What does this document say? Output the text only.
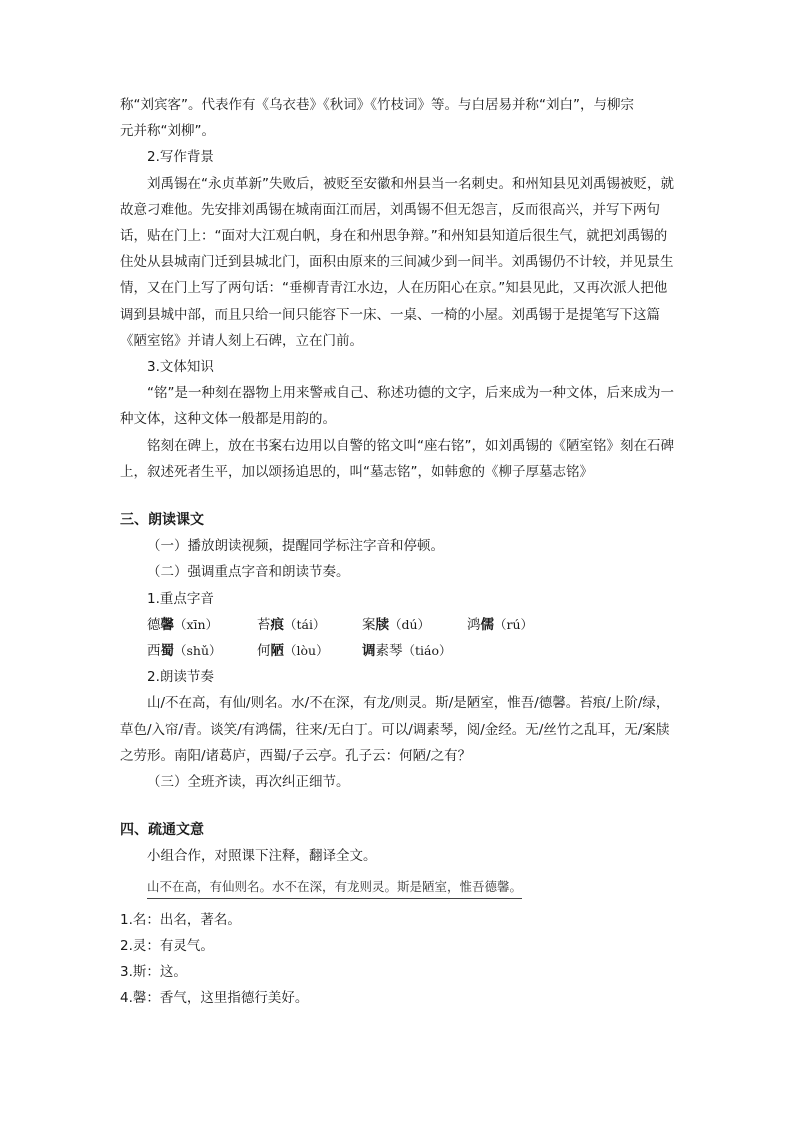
称“刘宾客”。代表作有《乌衣巷》《秋词》《竹枝词》等。与白居易并称“刘白”，与柳宗

元并称“刘柳”。

2.写作背景

刘禹锡在“永贞革新”失败后，被贬至安徽和州县当一名刺史。和州知县见刘禹锡被贬，就故意刁难他。先安排刘禹锡在城南面江而居，刘禹锡不但无怨言，反而很高兴，并写下两句话，贴在门上：“面对大江观白帆，身在和州思争辩。”和州知县知道后很生气，就把刘禹锡的住处从县城南门迁到县城北门，面积由原来的三间减少到一间半。刘禹锡仍不计较，并见景生情，又在门上写了两句话：“垂柳青青江水边，人在历阳心在京。”知县见此，又再次派人把他调到县城中部，而且只给一间只能容下一床、一桌、一椅的小屋。刘禹锡于是提笔写下这篇《陋室铭》并请人刻上石碑，立在门前。

3.文体知识

“铭”是一种刻在器物上用来警戒自己、称述功德的文字，后来成为一种文体，后来成为一种文体，这种文体一般都是用韵的。

铭刻在碑上，放在书案右边用以自警的铭文叫“座右铭”，如刘禹锡的《陋室铭》刻在石碑上，叙述死者生平，加以颂扬追思的，叫“墓志铭”，如韩愈的《柳子厚墓志铭》

三、朗读课文

（一）播放朗读视频，提醒同学标注字音和停顿。

（二）强调重点字音和朗读节奏。

1.重点字音

德馨（xīn）	苔痕（tái）	案牍（dú）	鸿儒（rú）
西蜀（shǔ）	何陋（lòu）	调素琴（tiáo）

2.朗读节奏

山/不在高，有仙/则名。水/不在深，有龙/则灵。斯/是陋室，惟吾/德馨。苔痕/上阶/绿，草色/入帘/青。谈笑/有鸿儒，往来/无白丁。可以/调素琴，阅/金经。无/丝竹之乱耳，无/案牍之劳形。南阳/诸葛庐，西蜀/子云亭。孔子云：何陋/之有？

（三）全班齐读，再次纠正细节。

四、疏通文意

小组合作，对照课下注释，翻译全文。

山不在高，有仙则名。水不在深，有龙则灵。斯是陋室，惟吾德馨。

1.名：出名，著名。

2.灵：有灵气。

3.斯：这。

4.馨：香气，这里指德行美好。
